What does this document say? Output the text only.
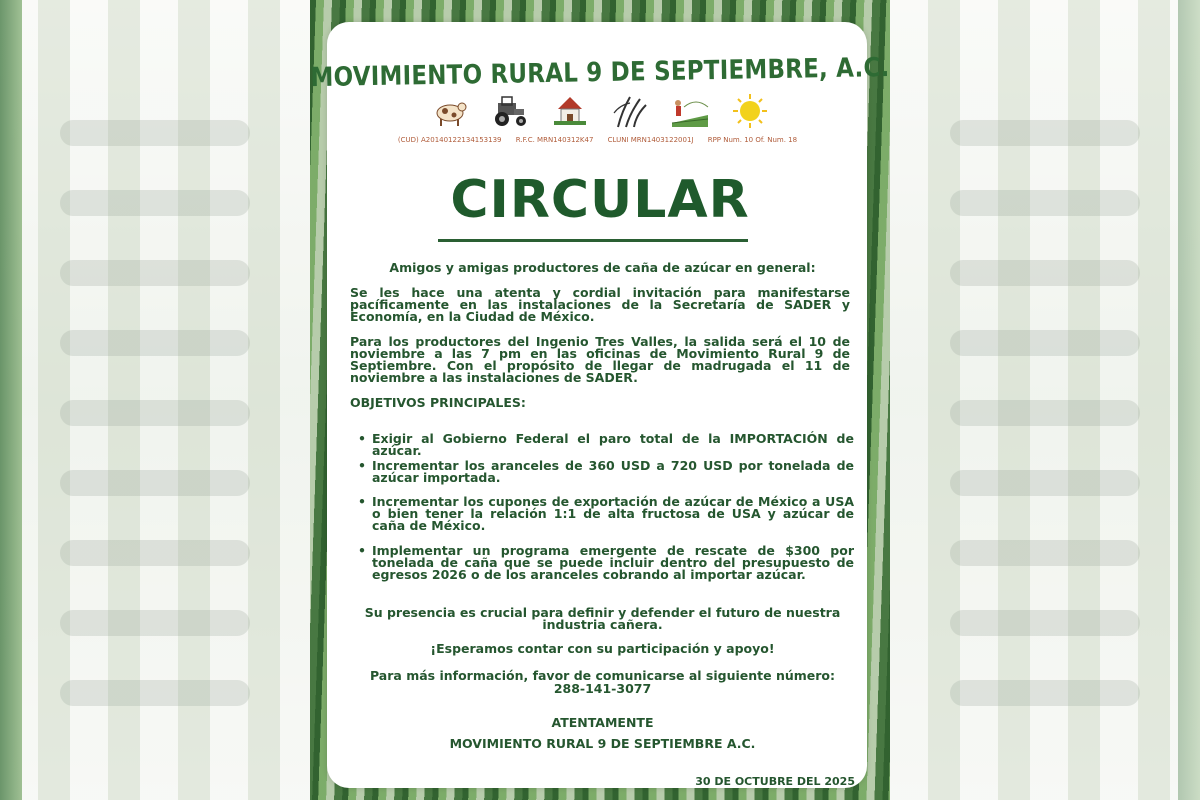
MOVIMIENTO RURAL 9 DE SEPTIEMBRE, A.C.
(CUD) A20140122134153139 R.F.C. MRN140312K47 CLUNI MRN1403122001J RPP Num. 10 Of. Num. 18
CIRCULAR
Amigos y amigas productores de caña de azúcar en general:
Se les hace una atenta y cordial invitación para manifestarse pacíficamente en las instalaciones de la Secretaría de SADER y Economía, en la Ciudad de México.
Para los productores del Ingenio Tres Valles, la salida será el 10 de noviembre a las 7 pm en las oficinas de Movimiento Rural 9 de Septiembre. Con el propósito de llegar de madrugada el 11 de noviembre a las instalaciones de SADER.
OBJETIVOS PRINCIPALES:
• Exigir al Gobierno Federal el paro total de la IMPORTACIÓN de azúcar.
• Incrementar los aranceles de 360 USD a 720 USD por tonelada de azúcar importada.
• Incrementar los cupones de exportación de azúcar de México a USA o bien tener la relación 1:1 de alta fructosa de USA y azúcar de caña de México.
• Implementar un programa emergente de rescate de $300 por tonelada de caña que se puede incluir dentro del presupuesto de egresos 2026 o de los aranceles cobrando al importar azúcar.
Su presencia es crucial para definir y defender el futuro de nuestra industria cañera.
¡Esperamos contar con su participación y apoyo!
Para más información, favor de comunicarse al siguiente número:
288-141-3077
ATENTAMENTE
MOVIMIENTO RURAL 9 DE SEPTIEMBRE A.C.
30 DE OCTUBRE DEL 2025
